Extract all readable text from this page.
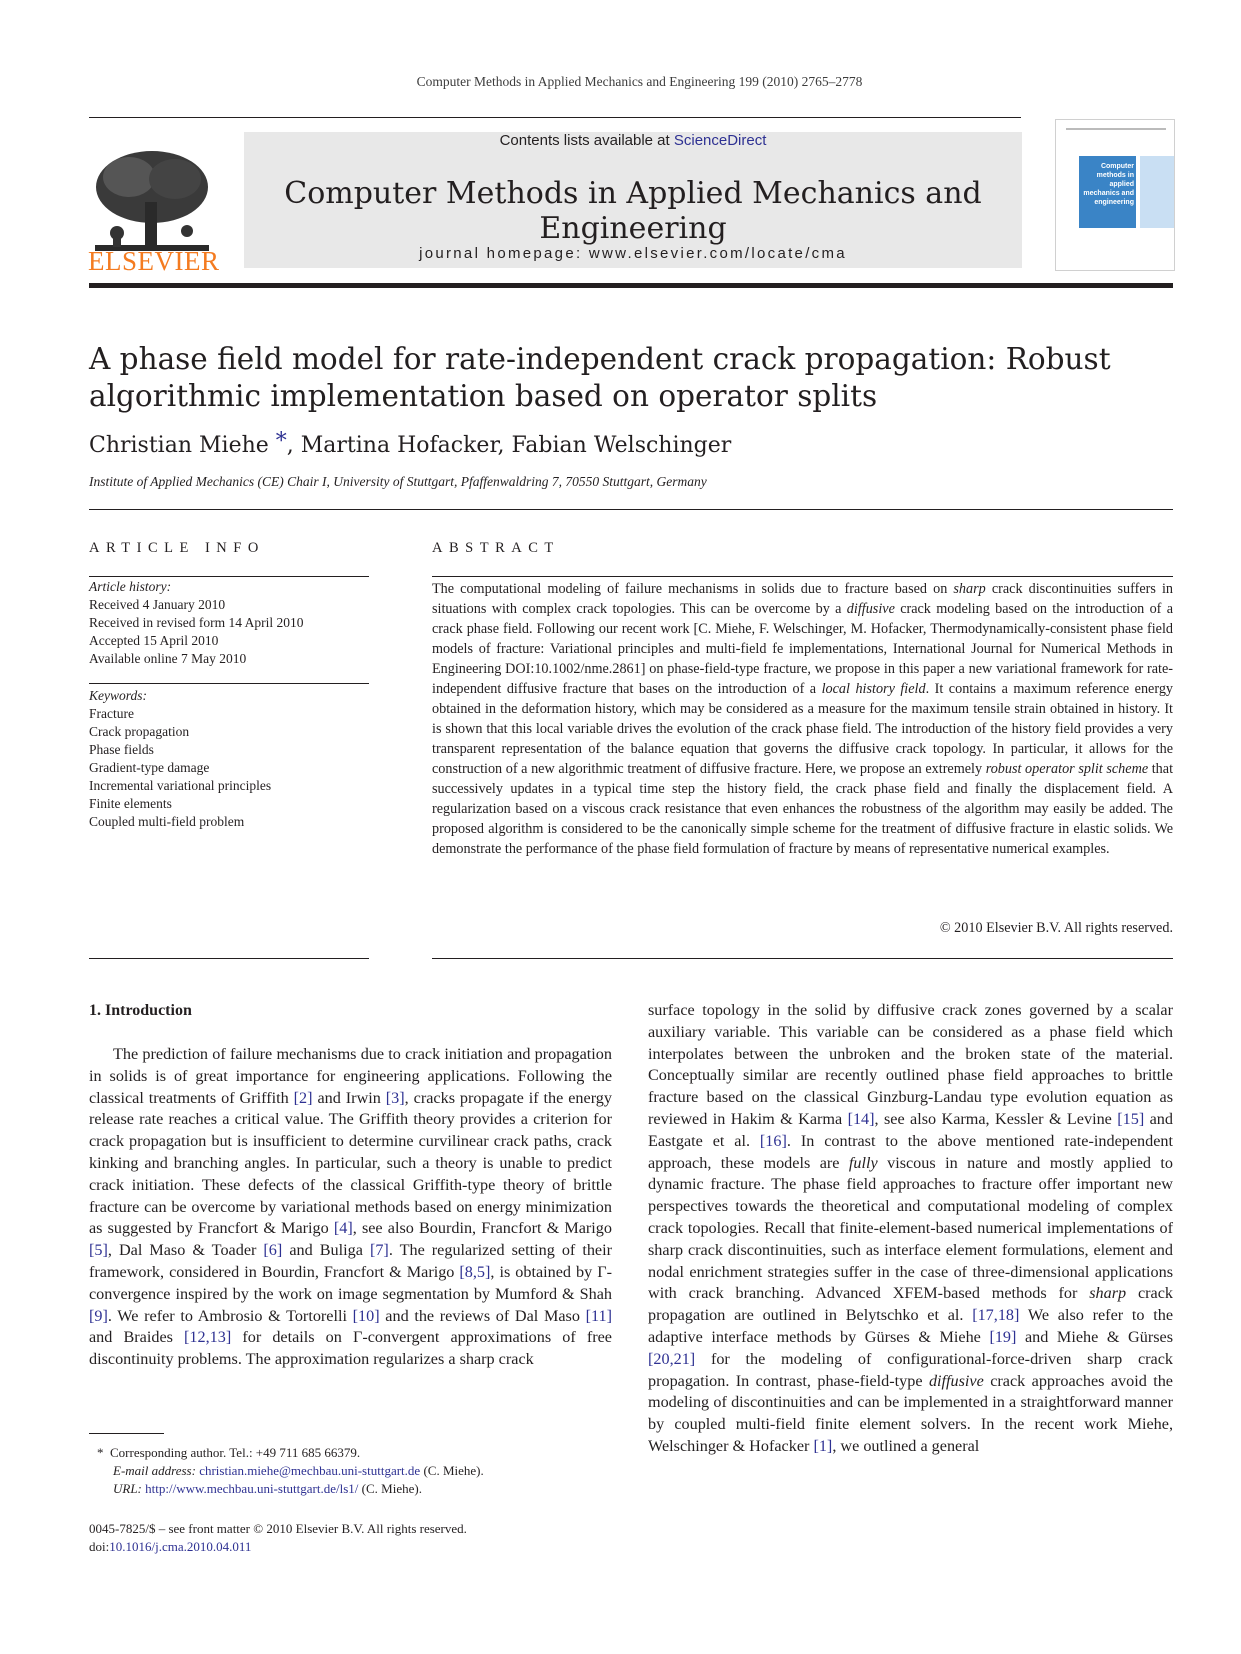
Computer Methods in Applied Mechanics and Engineering 199 (2010) 2765–2778
ELSEVIER
Contents lists available at ScienceDirect
Computer Methods in Applied Mechanics and Engineering
journal homepage: www.elsevier.com/locate/cma
Computer methods in applied mechanics and engineering
A phase field model for rate-independent crack propagation: Robust algorithmic implementation based on operator splits
Christian Miehe *, Martina Hofacker, Fabian Welschinger
Institute of Applied Mechanics (CE) Chair I, University of Stuttgart, Pfaffenwaldring 7, 70550 Stuttgart, Germany
ARTICLE INFO	ABSTRACT
Article history:
Received 4 January 2010
Received in revised form 14 April 2010
Accepted 15 April 2010
Available online 7 May 2010
Keywords:
Fracture
Crack propagation
Phase fields
Gradient-type damage
Incremental variational principles
Finite elements
Coupled multi-field problem
The computational modeling of failure mechanisms in solids due to fracture based on sharp crack discontinuities suffers in situations with complex crack topologies. This can be overcome by a diffusive crack modeling based on the introduction of a crack phase field. Following our recent work [C. Miehe, F. Welschinger, M. Hofacker, Thermodynamically-consistent phase field models of fracture: Variational principles and multi-field fe implementations, International Journal for Numerical Methods in Engineering DOI:10.1002/nme.2861] on phase-field-type fracture, we propose in this paper a new variational framework for rate-independent diffusive fracture that bases on the introduction of a local history field. It contains a maximum reference energy obtained in the deformation history, which may be considered as a measure for the maximum tensile strain obtained in history. It is shown that this local variable drives the evolution of the crack phase field. The introduction of the history field provides a very transparent representation of the balance equation that governs the diffusive crack topology. In particular, it allows for the construction of a new algorithmic treatment of diffusive fracture. Here, we propose an extremely robust operator split scheme that successively updates in a typical time step the history field, the crack phase field and finally the displacement field. A regularization based on a viscous crack resistance that even enhances the robustness of the algorithm may easily be added. The proposed algorithm is considered to be the canonically simple scheme for the treatment of diffusive fracture in elastic solids. We demonstrate the performance of the phase field formulation of fracture by means of representative numerical examples.
© 2010 Elsevier B.V. All rights reserved.
1. Introduction
The prediction of failure mechanisms due to crack initiation and propagation in solids is of great importance for engineering applications. Following the classical treatments of Griffith [2] and Irwin [3], cracks propagate if the energy release rate reaches a critical value. The Griffith theory provides a criterion for crack propagation but is insufficient to determine curvilinear crack paths, crack kinking and branching angles. In particular, such a theory is unable to predict crack initiation. These defects of the classical Griffith-type theory of brittle fracture can be overcome by variational methods based on energy minimization as suggested by Francfort & Marigo [4], see also Bourdin, Francfort & Marigo [5], Dal Maso & Toader [6] and Buliga [7]. The regularized setting of their framework, considered in Bourdin, Francfort & Marigo [8,5], is obtained by Γ-convergence inspired by the work on image segmentation by Mumford & Shah [9]. We refer to Ambrosio & Tortorelli [10] and the reviews of Dal Maso [11] and Braides [12,13] for details on Γ-convergent approximations of free discontinuity problems. The approximation regularizes a sharp crack
surface topology in the solid by diffusive crack zones governed by a scalar auxiliary variable. This variable can be considered as a phase field which interpolates between the unbroken and the broken state of the material. Conceptually similar are recently outlined phase field approaches to brittle fracture based on the classical Ginzburg-Landau type evolution equation as reviewed in Hakim & Karma [14], see also Karma, Kessler & Levine [15] and Eastgate et al. [16]. In contrast to the above mentioned rate-independent approach, these models are fully viscous in nature and mostly applied to dynamic fracture. The phase field approaches to fracture offer important new perspectives towards the theoretical and computational modeling of complex crack topologies. Recall that finite-element-based numerical implementations of sharp crack discontinuities, such as interface element formulations, element and nodal enrichment strategies suffer in the case of three-dimensional applications with crack branching. Advanced XFEM-based methods for sharp crack propagation are outlined in Belytschko et al. [17,18] We also refer to the adaptive interface methods by Gürses & Miehe [19] and Miehe & Gürses [20,21] for the modeling of configurational-force-driven sharp crack propagation. In contrast, phase-field-type diffusive crack approaches avoid the modeling of discontinuities and can be implemented in a straightforward manner by coupled multi-field finite element solvers. In the recent work Miehe, Welschinger & Hofacker [1], we outlined a general
* Corresponding author. Tel.: +49 711 685 66379.
E-mail address: christian.miehe@mechbau.uni-stuttgart.de (C. Miehe).
URL: http://www.mechbau.uni-stuttgart.de/ls1/ (C. Miehe).
0045-7825/$ – see front matter © 2010 Elsevier B.V. All rights reserved.
doi:10.1016/j.cma.2010.04.011
